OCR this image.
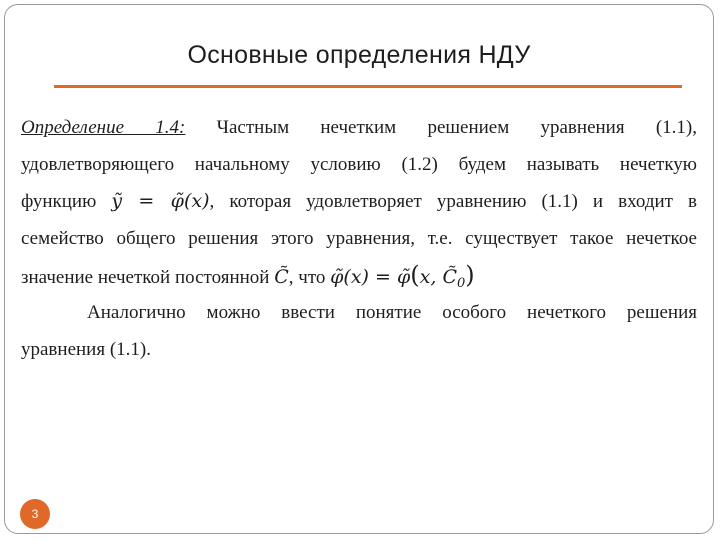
Основные определения НДУ
Определение 1.4: Частным нечетким решением уравнения (1.1),
удовлетворяющего начальному условию (1.2) будем называть нечеткую
функцию ỹ = φ̃(x), которая удовлетворяет уравнению (1.1) и входит в
семейство общего решения этого уравнения, т.е. существует такое нечеткое
значение нечеткой постоянной C̃, что φ̃(x) = φ̃(x, $C̃_0$)
Аналогично можно ввести понятие особого нечеткого решения
уравнения (1.1).
3
